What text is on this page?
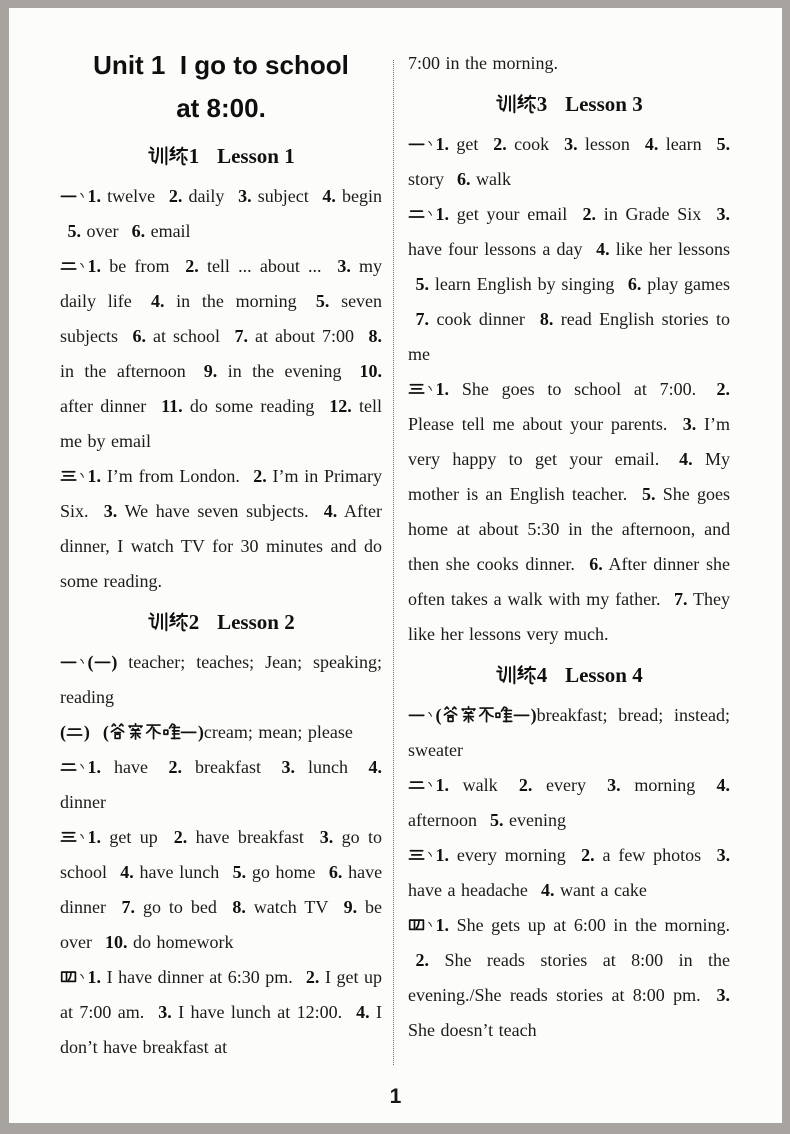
Unit 1  I go to school
at 8:00.
1 Lesson 1

1. twelve 2. daily 3. subject 4. begin 5. over 6. email

1. be from 2. tell ... about ... 3. my daily life 4. in the morning 5. seven subjects 6. at school 7. at about 7:00 8. in the afternoon 9. in the evening 10. after dinner 11. do some reading 12. tell me by email

1. I’m from London. 2. I’m in Primary Six. 3. We have seven subjects. 4. After dinner, I watch TV for 30 minutes and do some reading.

2 Lesson 2

( ) teacher; teaches; Jean; speaking; reading

( ) (	)cream; mean; please

1. have 2. breakfast 3. lunch 4. dinner

1. get up 2. have breakfast 3. go to school 4. have lunch 5. go home 6. have dinner 7. go to bed 8. watch TV 9. be over 10. do homework

1. I have dinner at 6:30 pm. 2. I get up at 7:00 am. 3. I have lunch at 12:00. 4. I don’t have breakfast at

7:00 in the morning.

3 Lesson 3

1. get 2. cook 3. lesson 4. learn 5. story 6. walk

1. get your email 2. in Grade Six 3. have four lessons a day 4. like her lessons 5. learn English by singing 6. play games 7. cook dinner 8. read English stories to me

1. She goes to school at 7:00. 2. Please tell me about your parents. 3. I’m very happy to get your email. 4. My mother is an English teacher. 5. She goes home at about 5:30 in the afternoon, and then she cooks dinner. 6. After dinner she often takes a walk with my father. 7. They like her lessons very much.

4 Lesson 4

(	)breakfast; bread; instead; sweater

1. walk 2. every 3. morning 4. afternoon 5. evening

1. every morning 2. a few photos 3. have a headache 4. want a cake

1. She gets up at 6:00 in the morning. 2. She reads stories at 8:00 in the evening./She reads stories at 8:00 pm. 3. She doesn’t teach

1
